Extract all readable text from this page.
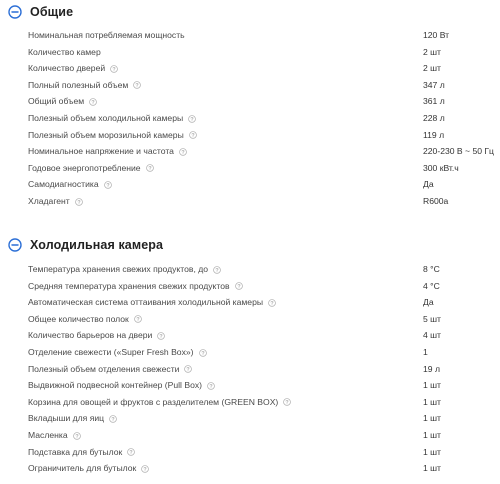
Общие
Номинальная потребляемая мощность	120 Вт
Количество камер	2 шт
Количество дверей	2 шт
Полный полезный объем	347 л
Общий объем	361 л
Полезный объем холодильной камеры	228 л
Полезный объем морозильной камеры	119 л
Номинальное напряжение и частота	220-230 В ~ 50 Гц
Годовое энергопотребление	300 кВт.ч
Самодиагностика	Да
Хладагент	R600a
Холодильная камера
Температура хранения свежих продуктов, до	8 °C
Средняя температура хранения свежих продуктов	4 °C
Автоматическая система оттаивания холодильной камеры	Да
Общее количество полок	5 шт
Количество барьеров на двери	4 шт
Отделение свежести («Super Fresh Box»)	1
Полезный объем отделения свежести	19 л
Выдвижной подвесной контейнер (Pull Box)	1 шт
Корзина для овощей и фруктов с разделителем (GREEN BOX)	1 шт
Вкладыши для яиц	1 шт
Масленка	1 шт
Подставка для бутылок	1 шт
Ограничитель для бутылок	1 шт
